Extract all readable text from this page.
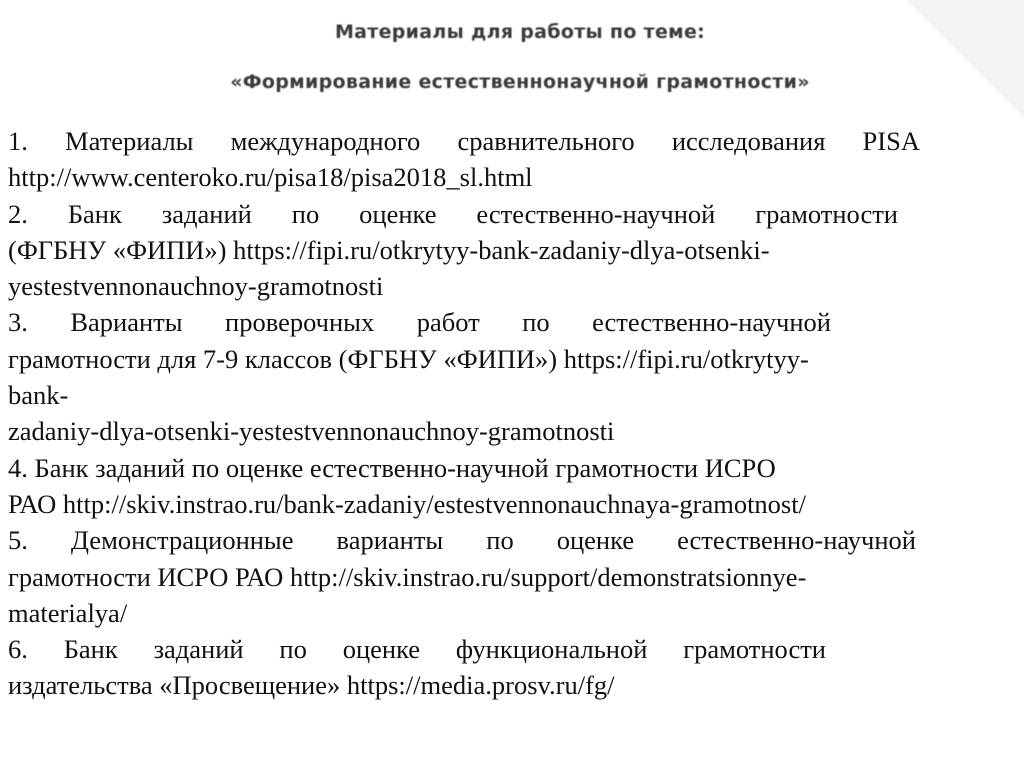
Материалы для работы по теме:
«Формирование естественнонаучной грамотности»
1. Материалы международного сравнительного исследования PISA
http://www.centeroko.ru/pisa18/pisa2018_sl.html
2. Банк заданий по оценке естественно-научной грамотности
(ФГБНУ «ФИПИ») https://fipi.ru/otkrytyy-bank-zadaniy-dlya-otsenki-
yestestvennonauchnoy-gramotnosti
3. Варианты проверочных работ по естественно-научной
грамотности для 7-9 классов (ФГБНУ «ФИПИ») https://fipi.ru/otkrytyy-
bank-
zadaniy-dlya-otsenki-yestestvennonauchnoy-gramotnosti
4. Банк заданий по оценке естественно-научной грамотности ИСРО
РАО http://skiv.instrao.ru/bank-zadaniy/estestvennonauchnaya-gramotnost/
5. Демонстрационные варианты по оценке естественно-научной
грамотности ИСРО РАО http://skiv.instrao.ru/support/demonstratsionnye-
materialya/
6. Банк заданий по оценке функциональной грамотности
издательства «Просвещение» https://media.prosv.ru/fg/
